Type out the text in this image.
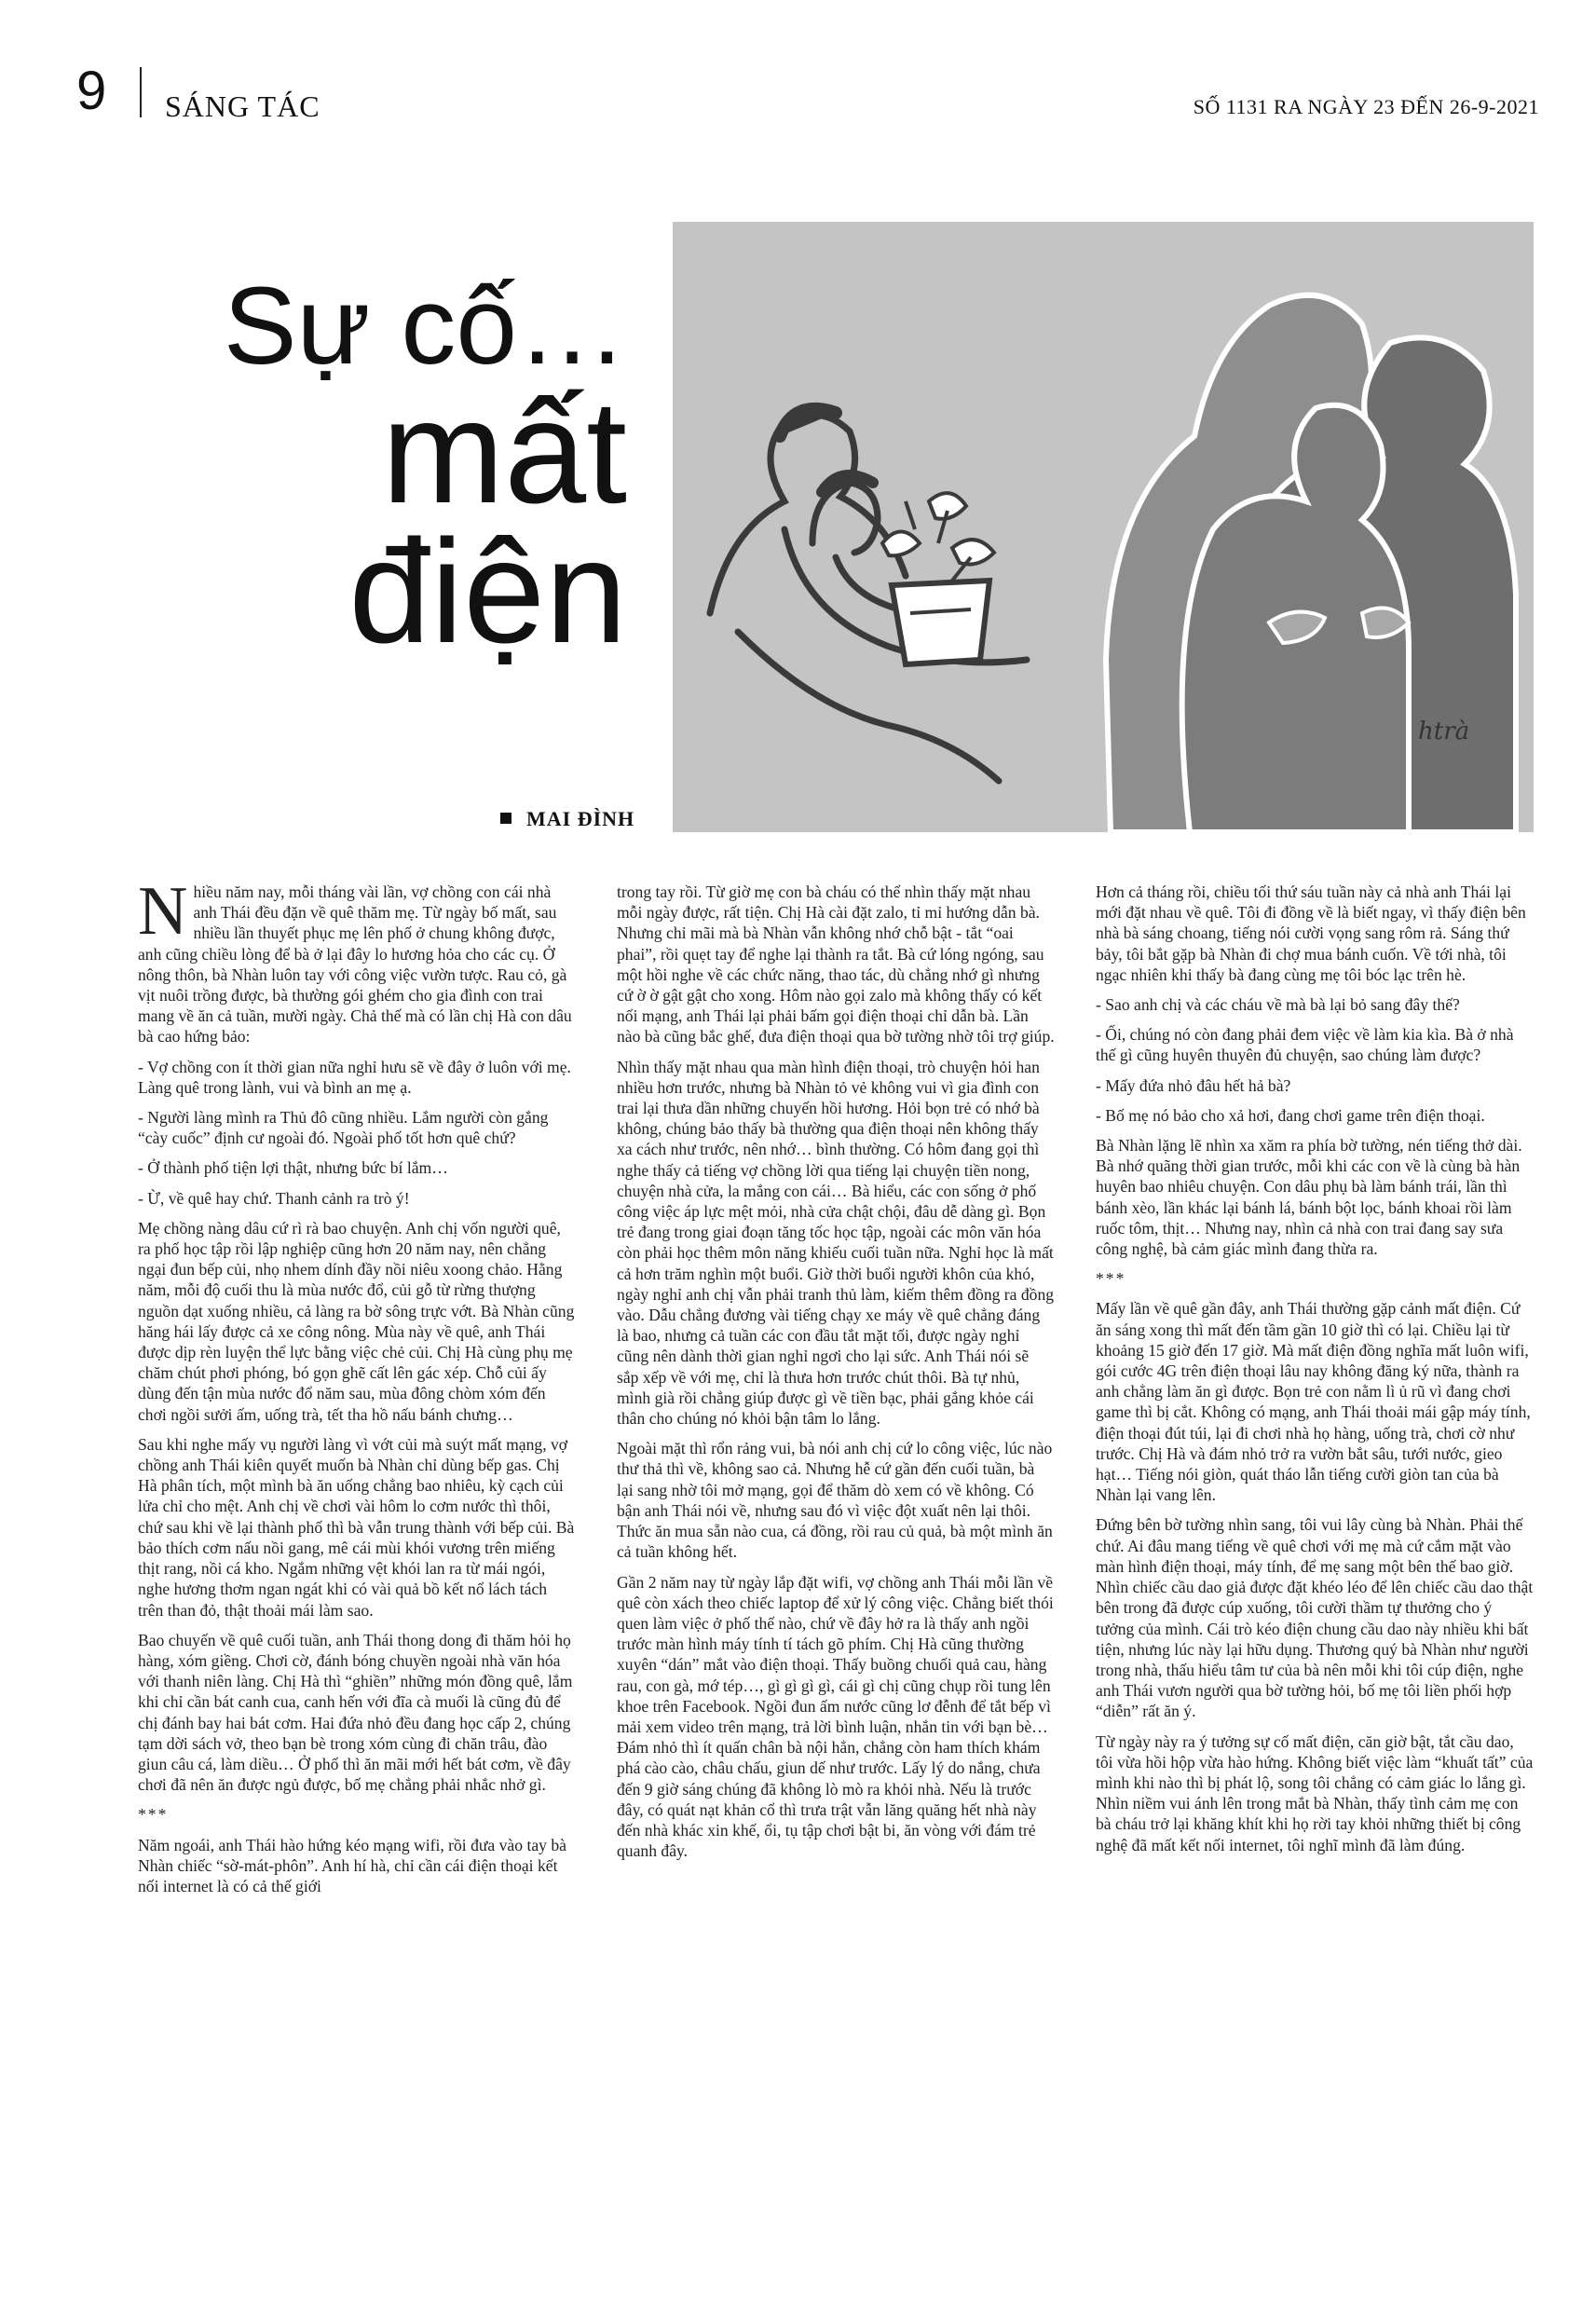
9 SÁNG TÁC	SỐ 1131 RA NGÀY 23 ĐẾN 26-9-2021
Sự cố…
mất
điện
MAI ĐÌNH
htrà

Nhiều năm nay, mỗi tháng vài lần, vợ chồng con cái nhà anh Thái đều đặn về quê thăm mẹ. Từ ngày bố mất, sau nhiều lần thuyết phục mẹ lên phố ở chung không được, anh cũng chiều lòng để bà ở lại đây lo hương hỏa cho các cụ. Ở nông thôn, bà Nhàn luôn tay với công việc vườn tược. Rau cỏ, gà vịt nuôi trồng được, bà thường gói ghém cho gia đình con trai mang về ăn cả tuần, mười ngày. Chả thế mà có lần chị Hà con dâu bà cao hứng bảo:

- Vợ chồng con ít thời gian nữa nghỉ hưu sẽ về đây ở luôn với mẹ. Làng quê trong lành, vui và bình an mẹ ạ.

- Người làng mình ra Thủ đô cũng nhiều. Lắm người còn gắng “cày cuốc” định cư ngoài đó. Ngoài phố tốt hơn quê chứ?

- Ở thành phố tiện lợi thật, nhưng bức bí lắm…

- Ừ, về quê hay chứ. Thanh cảnh ra trò ý!

Mẹ chồng nàng dâu cứ rì rà bao chuyện. Anh chị vốn người quê, ra phố học tập rồi lập nghiệp cũng hơn 20 năm nay, nên chẳng ngại đun bếp củi, nhọ nhem dính đầy nồi niêu xoong chảo. Hằng năm, mỗi độ cuối thu là mùa nước đổ, củi gỗ từ rừng thượng nguồn dạt xuống nhiều, cả làng ra bờ sông trực vớt. Bà Nhàn cũng hăng hái lấy được cả xe công nông. Mùa này về quê, anh Thái được dịp rèn luyện thể lực bằng việc chẻ củi. Chị Hà cùng phụ mẹ chăm chút phơi phóng, bó gọn ghẽ cất lên gác xép. Chỗ củi ấy dùng đến tận mùa nước đổ năm sau, mùa đông chòm xóm đến chơi ngồi sưởi ấm, uống trà, tết tha hồ nấu bánh chưng…

Sau khi nghe mấy vụ người làng vì vớt củi mà suýt mất mạng, vợ chồng anh Thái kiên quyết muốn bà Nhàn chỉ dùng bếp gas. Chị Hà phân tích, một mình bà ăn uống chẳng bao nhiêu, kỳ cạch củi lửa chỉ cho mệt. Anh chị về chơi vài hôm lo cơm nước thì thôi, chứ sau khi về lại thành phố thì bà vẫn trung thành với bếp củi. Bà bảo thích cơm nấu nồi gang, mê cái mùi khói vương trên miếng thịt rang, nồi cá kho. Ngắm những vệt khói lan ra từ mái ngói, nghe hương thơm ngan ngát khi có vài quả bồ kết nổ lách tách trên than đỏ, thật thoải mái làm sao.

Bao chuyến về quê cuối tuần, anh Thái thong dong đi thăm hỏi họ hàng, xóm giềng. Chơi cờ, đánh bóng chuyền ngoài nhà văn hóa với thanh niên làng. Chị Hà thì “ghiền” những món đồng quê, lắm khi chỉ cần bát canh cua, canh hến với đĩa cà muối là cũng đủ để chị đánh bay hai bát cơm. Hai đứa nhỏ đều đang học cấp 2, chúng tạm dời sách vở, theo bạn bè trong xóm cùng đi chăn trâu, đào giun câu cá, làm diều… Ở phố thì ăn mãi mới hết bát cơm, về đây chơi đã nên ăn được ngủ được, bố mẹ chẳng phải nhắc nhở gì.

***

Năm ngoái, anh Thái hào hứng kéo mạng wifi, rồi đưa vào tay bà Nhàn chiếc “sờ-mát-phôn”. Anh hí hà, chỉ cần cái điện thoại kết nối internet là có cả thế giới

trong tay rồi. Từ giờ mẹ con bà cháu có thể nhìn thấy mặt nhau mỗi ngày được, rất tiện. Chị Hà cài đặt zalo, tỉ mỉ hướng dẫn bà. Nhưng chỉ mãi mà bà Nhàn vẫn không nhớ chỗ bật - tắt “oai phai”, rồi quẹt tay để nghe lại thành ra tắt. Bà cứ lóng ngóng, sau một hồi nghe về các chức năng, thao tác, dù chẳng nhớ gì nhưng cứ ờ ờ gật gật cho xong. Hôm nào gọi zalo mà không thấy có kết nối mạng, anh Thái lại phải bấm gọi điện thoại chỉ dẫn bà. Lần nào bà cũng bắc ghế, đưa điện thoại qua bờ tường nhờ tôi trợ giúp.

Nhìn thấy mặt nhau qua màn hình điện thoại, trò chuyện hỏi han nhiều hơn trước, nhưng bà Nhàn tỏ vẻ không vui vì gia đình con trai lại thưa dần những chuyến hồi hương. Hỏi bọn trẻ có nhớ bà không, chúng bảo thấy bà thường qua điện thoại nên không thấy xa cách như trước, nên nhớ… bình thường. Có hôm đang gọi thì nghe thấy cả tiếng vợ chồng lời qua tiếng lại chuyện tiền nong, chuyện nhà cửa, la mắng con cái… Bà hiểu, các con sống ở phố công việc áp lực mệt mỏi, nhà cửa chật chội, đâu dễ dàng gì. Bọn trẻ đang trong giai đoạn tăng tốc học tập, ngoài các môn văn hóa còn phải học thêm môn năng khiếu cuối tuần nữa. Nghỉ học là mất cả hơn trăm nghìn một buổi. Giờ thời buổi người khôn của khó, ngày nghỉ anh chị vẫn phải tranh thủ làm, kiếm thêm đồng ra đồng vào. Dẫu chẳng đương vài tiếng chạy xe máy về quê chẳng đáng là bao, nhưng cả tuần các con đầu tắt mặt tối, được ngày nghỉ cũng nên dành thời gian nghỉ ngơi cho lại sức. Anh Thái nói sẽ sắp xếp về với mẹ, chỉ là thưa hơn trước chút thôi. Bà tự nhủ, mình già rồi chẳng giúp được gì về tiền bạc, phải gắng khỏe cái thân cho chúng nó khỏi bận tâm lo lắng.

Ngoài mặt thì rổn rảng vui, bà nói anh chị cứ lo công việc, lúc nào thư thả thì về, không sao cả. Nhưng hễ cứ gần đến cuối tuần, bà lại sang nhờ tôi mở mạng, gọi để thăm dò xem có về không. Có bận anh Thái nói về, nhưng sau đó vì việc đột xuất nên lại thôi. Thức ăn mua sẵn nào cua, cá đồng, rồi rau củ quả, bà một mình ăn cả tuần không hết.

Gần 2 năm nay từ ngày lắp đặt wifi, vợ chồng anh Thái mỗi lần về quê còn xách theo chiếc laptop để xử lý công việc. Chẳng biết thói quen làm việc ở phố thế nào, chứ về đây hở ra là thấy anh ngồi trước màn hình máy tính tí tách gõ phím. Chị Hà cũng thường xuyên “dán” mắt vào điện thoại. Thấy buồng chuối quả cau, hàng rau, con gà, mớ tép…, gì gì gì gì, cái gì chị cũng chụp rồi tung lên khoe trên Facebook. Ngồi đun ấm nước cũng lơ đễnh để tắt bếp vì mải xem video trên mạng, trả lời bình luận, nhắn tin với bạn bè… Đám nhỏ thì ít quấn chân bà nội hẳn, chẳng còn ham thích khám phá cào cào, châu chấu, giun dế như trước. Lấy lý do nắng, chưa đến 9 giờ sáng chúng đã không lò mò ra khỏi nhà. Nếu là trước đây, có quát nạt khản cổ thì trưa trật vẫn lăng quăng hết nhà này đến nhà khác xin khế, ổi, tụ tập chơi bật bi, ăn vòng với đám trẻ quanh đây.

Hơn cả tháng rồi, chiều tối thứ sáu tuần này cả nhà anh Thái lại mới đặt nhau về quê. Tôi đi đồng về là biết ngay, vì thấy điện bên nhà bà sáng choang, tiếng nói cười vọng sang rôm rả. Sáng thứ bảy, tôi bắt gặp bà Nhàn đi chợ mua bánh cuốn. Về tới nhà, tôi ngạc nhiên khi thấy bà đang cùng mẹ tôi bóc lạc trên hè.

- Sao anh chị và các cháu về mà bà lại bỏ sang đây thế?

- Ối, chúng nó còn đang phải đem việc về làm kia kìa. Bà ở nhà thế gì cũng huyên thuyên đủ chuyện, sao chúng làm được?

- Mấy đứa nhỏ đâu hết hả bà?

- Bố mẹ nó bảo cho xả hơi, đang chơi game trên điện thoại.

Bà Nhàn lặng lẽ nhìn xa xăm ra phía bờ tường, nén tiếng thở dài. Bà nhớ quãng thời gian trước, mỗi khi các con về là cùng bà hàn huyên bao nhiêu chuyện. Con dâu phụ bà làm bánh trái, lần thì bánh xèo, lần khác lại bánh lá, bánh bột lọc, bánh khoai rồi làm ruốc tôm, thịt… Nhưng nay, nhìn cả nhà con trai đang say sưa công nghệ, bà cảm giác mình đang thừa ra.

***

Mấy lần về quê gần đây, anh Thái thường gặp cảnh mất điện. Cứ ăn sáng xong thì mất đến tầm gần 10 giờ thì có lại. Chiều lại từ khoảng 15 giờ đến 17 giờ. Mà mất điện đồng nghĩa mất luôn wifi, gói cước 4G trên điện thoại lâu nay không đăng ký nữa, thành ra anh chẳng làm ăn gì được. Bọn trẻ con nằm lì ủ rũ vì đang chơi game thì bị cắt. Không có mạng, anh Thái thoải mái gập máy tính, điện thoại đút túi, lại đi chơi nhà họ hàng, uống trà, chơi cờ như trước. Chị Hà và đám nhỏ trở ra vườn bắt sâu, tưới nước, gieo hạt… Tiếng nói giòn, quát tháo lẫn tiếng cười giòn tan của bà Nhàn lại vang lên.

Đứng bên bờ tường nhìn sang, tôi vui lây cùng bà Nhàn. Phải thế chứ. Ai đâu mang tiếng về quê chơi với mẹ mà cứ cắm mặt vào màn hình điện thoại, máy tính, để mẹ sang một bên thế bao giờ. Nhìn chiếc cầu dao giả được đặt khéo léo để lên chiếc cầu dao thật bên trong đã được cúp xuống, tôi cười thầm tự thưởng cho ý tưởng của mình. Cái trò kéo điện chung cầu dao này nhiều khi bất tiện, nhưng lúc này lại hữu dụng. Thương quý bà Nhàn như người trong nhà, thấu hiểu tâm tư của bà nên mỗi khi tôi cúp điện, nghe anh Thái vươn người qua bờ tường hỏi, bố mẹ tôi liền phối hợp “diễn” rất ăn ý.

Từ ngày này ra ý tưởng sự cố mất điện, căn giờ bật, tắt cầu dao, tôi vừa hồi hộp vừa hào hứng. Không biết việc làm “khuất tất” của mình khi nào thì bị phát lộ, song tôi chẳng có cảm giác lo lắng gì. Nhìn niềm vui ánh lên trong mắt bà Nhàn, thấy tình cảm mẹ con bà cháu trở lại khăng khít khi họ rời tay khỏi những thiết bị công nghệ đã mất kết nối internet, tôi nghĩ mình đã làm đúng.
